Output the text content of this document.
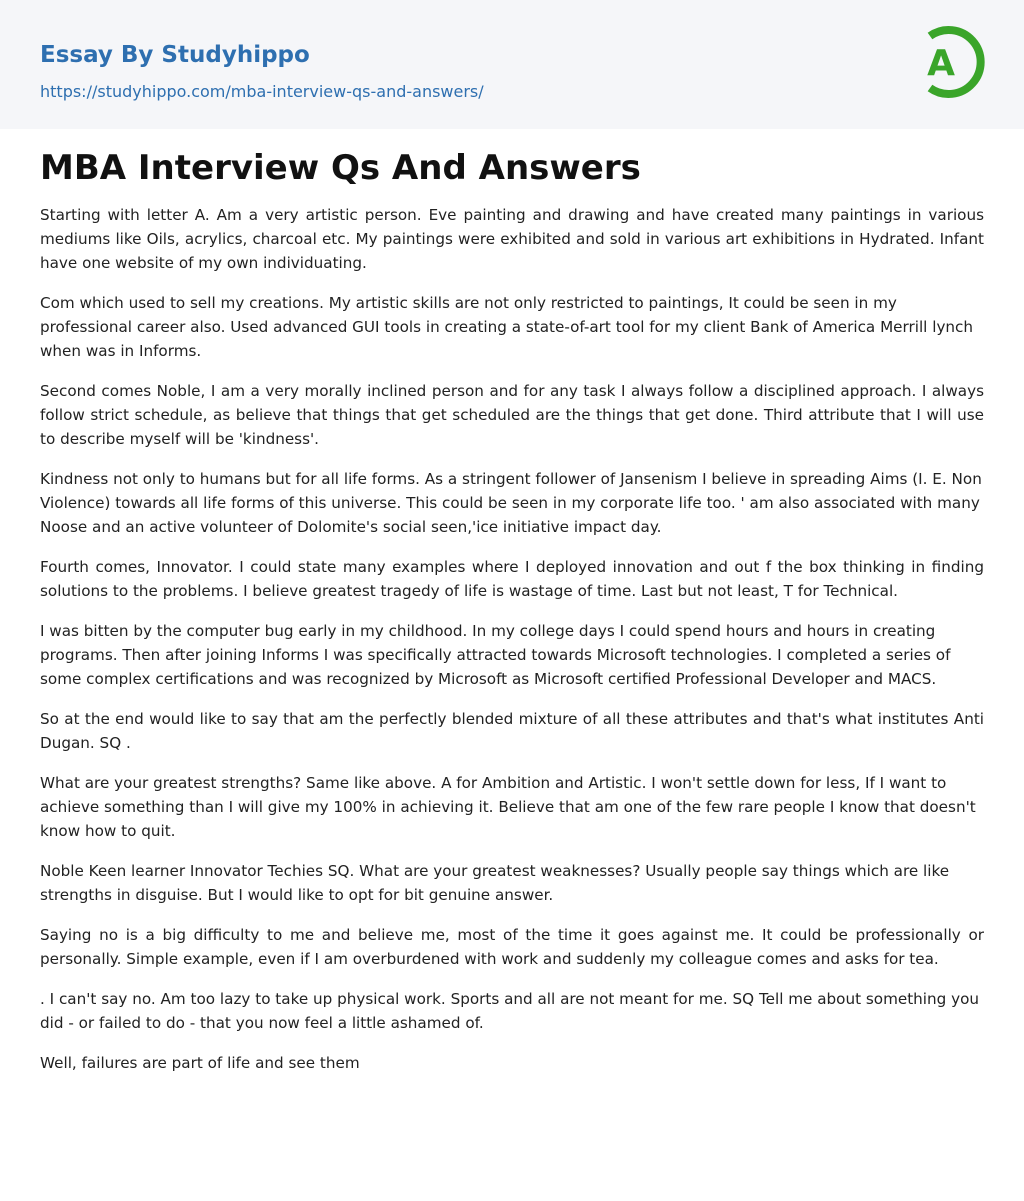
Essay By Studyhippo
https://studyhippo.com/mba-interview-qs-and-answers/
A
MBA Interview Qs And Answers

Starting with letter A. Am a very artistic person. Eve painting and drawing and have created many paintings in various mediums like Oils, acrylics, charcoal etc. My paintings were exhibited and sold in various art exhibitions in Hydrated. Infant have one website of my own individuating.

Com which used to sell my creations. My artistic skills are not only restricted to paintings, It could be seen in my professional career also. Used advanced GUI tools in creating a state-of-art tool for my client Bank of America Merrill lynch when was in Informs.

Second comes Noble, I am a very morally inclined person and for any task I always follow a disciplined approach. I always follow strict schedule, as believe that things that get scheduled are the things that get done. Third attribute that I will use to describe myself will be 'kindness'.

Kindness not only to humans but for all life forms. As a stringent follower of Jansenism I believe in spreading Aims (I. E. Non Violence) towards all life forms of this universe. This could be seen in my corporate life too. ' am also associated with many Noose and an active volunteer of Dolomite's social seen,'ice initiative impact day.

Fourth comes, Innovator. I could state many examples where I deployed innovation and out f the box thinking in finding solutions to the problems. I believe greatest tragedy of life is wastage of time. Last but not least, T for Technical.

I was bitten by the computer bug early in my childhood. In my college days I could spend hours and hours in creating programs. Then after joining Informs I was specifically attracted towards Microsoft technologies. I completed a series of some complex certifications and was recognized by Microsoft as Microsoft certified Professional Developer and MACS.

So at the end would like to say that am the perfectly blended mixture of all these attributes and that's what institutes Anti Dugan. SQ .

What are your greatest strengths? Same like above. A for Ambition and Artistic. I won't settle down for less, If I want to achieve something than I will give my 100% in achieving it. Believe that am one of the few rare people I know that doesn't know how to quit.

Noble Keen learner Innovator Techies SQ. What are your greatest weaknesses? Usually people say things which are like strengths in disguise. But I would like to opt for bit genuine answer.

Saying no is a big difficulty to me and believe me, most of the time it goes against me. It could be professionally or personally. Simple example, even if I am overburdened with work and suddenly my colleague comes and asks for tea.

. I can't say no. Am too lazy to take up physical work. Sports and all are not meant for me. SQ Tell me about something you did - or failed to do - that you now feel a little ashamed of.

Well, failures are part of life and see them
